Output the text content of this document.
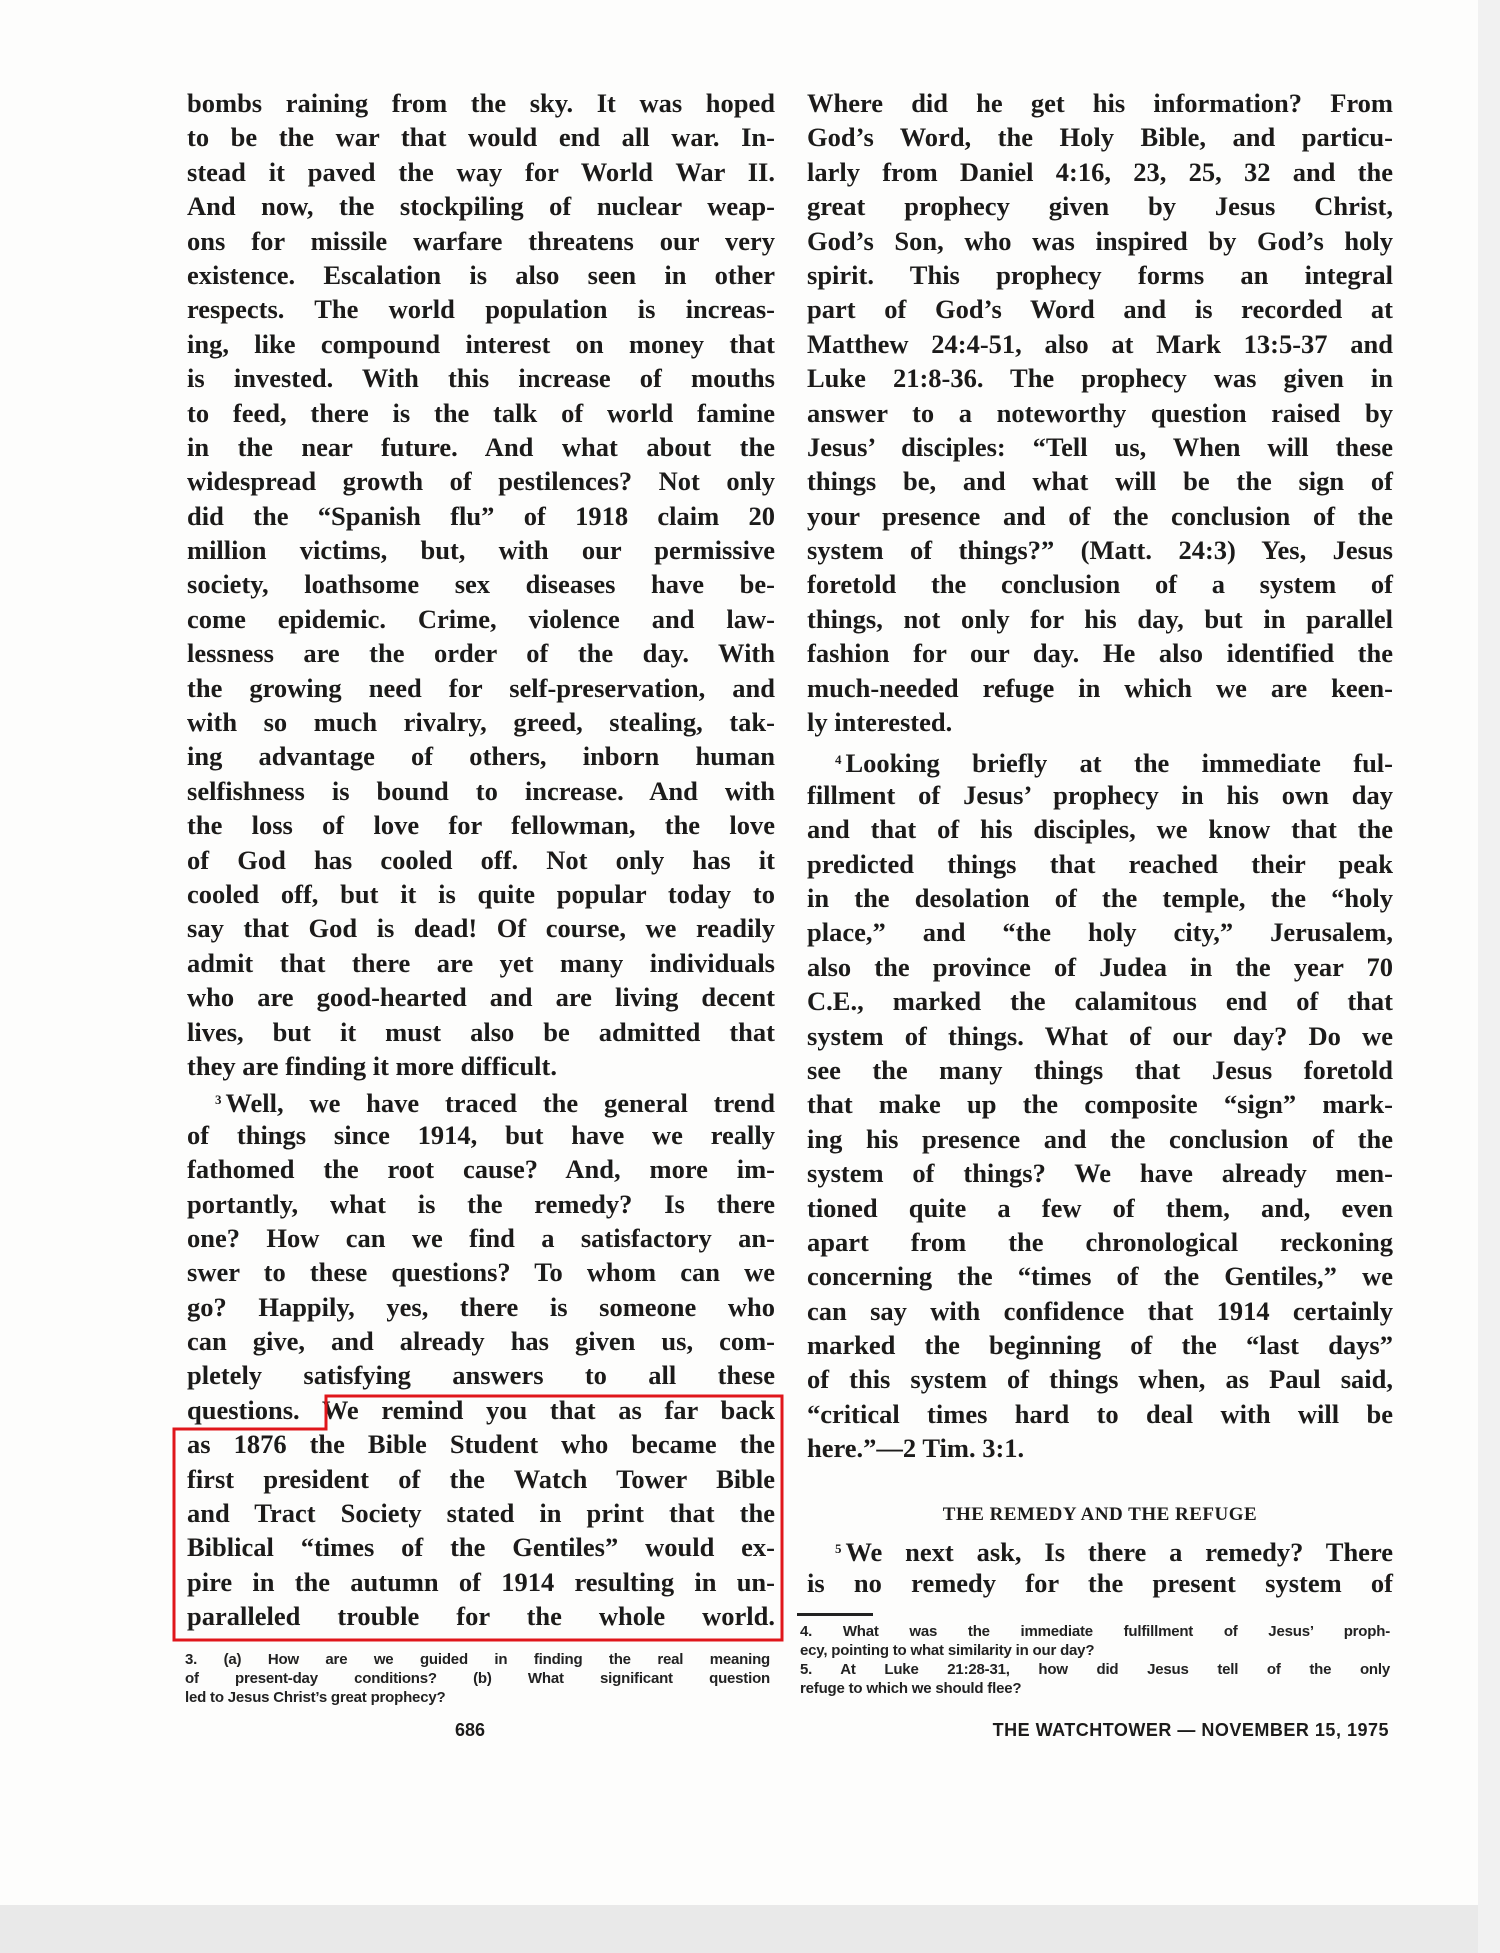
bombs raining from the sky. It was hoped
to be the war that would end all war. In-
stead it paved the way for World War II.
And now, the stockpiling of nuclear weap-
ons for missile warfare threatens our very
existence. Escalation is also seen in other
respects. The world population is increas-
ing, like compound interest on money that
is invested. With this increase of mouths
to feed, there is the talk of world famine
in the near future. And what about the
widespread growth of pestilences? Not only
did the “Spanish flu” of 1918 claim 20
million victims, but, with our permissive
society, loathsome sex diseases have be-
come epidemic. Crime, violence and law-
lessness are the order of the day. With
the growing need for self-preservation, and
with so much rivalry, greed, stealing, tak-
ing advantage of others, inborn human
selfishness is bound to increase. And with
the loss of love for fellowman, the love
of God has cooled off. Not only has it
cooled off, but it is quite popular today to
say that God is dead! Of course, we readily
admit that there are yet many individuals
who are good-hearted and are living decent
lives, but it must also be admitted that
they are finding it more difficult.
$^3$ Well, we have traced the general trend
of things since 1914, but have we really
fathomed the root cause? And, more im-
portantly, what is the remedy? Is there
one? How can we find a satisfactory an-
swer to these questions? To whom can we
go? Happily, yes, there is someone who
can give, and already has given us, com-
pletely satisfying answers to all these
questions. We remind you that as far back
as 1876 the Bible Student who became the
first president of the Watch Tower Bible
and Tract Society stated in print that the
Biblical “times of the Gentiles” would ex-
pire in the autumn of 1914 resulting in un-
paralleled trouble for the whole world.
Where did he get his information? From
God’s Word, the Holy Bible, and particu-
larly from Daniel 4:16, 23, 25, 32 and the
great prophecy given by Jesus Christ,
God’s Son, who was inspired by God’s holy
spirit. This prophecy forms an integral
part of God’s Word and is recorded at
Matthew 24:4-51, also at Mark 13:5-37 and
Luke 21:8-36. The prophecy was given in
answer to a noteworthy question raised by
Jesus’ disciples: “Tell us, When will these
things be, and what will be the sign of
your presence and of the conclusion of the
system of things?” (Matt. 24:3) Yes, Jesus
foretold the conclusion of a system of
things, not only for his day, but in parallel
fashion for our day. He also identified the
much-needed refuge in which we are keen-
ly interested.
$^4$ Looking briefly at the immediate ful-
fillment of Jesus’ prophecy in his own day
and that of his disciples, we know that the
predicted things that reached their peak
in the desolation of the temple, the “holy
place,” and “the holy city,” Jerusalem,
also the province of Judea in the year 70
C.E., marked the calamitous end of that
system of things. What of our day? Do we
see the many things that Jesus foretold
that make up the composite “sign” mark-
ing his presence and the conclusion of the
system of things? We have already men-
tioned quite a few of them, and, even
apart from the chronological reckoning
concerning the “times of the Gentiles,” we
can say with confidence that 1914 certainly
marked the beginning of the “last days”
of this system of things when, as Paul said,
“critical times hard to deal with will be
here.”—2 Tim. 3:1.
THE REMEDY AND THE REFUGE
$^5$ We next ask, Is there a remedy? There
is no remedy for the present system of
3. (a) How are we guided in finding the real meaning
of present-day conditions? (b) What significant question
led to Jesus Christ’s great prophecy?
4. What was the immediate fulfillment of Jesus’ proph-
ecy, pointing to what similarity in our day?
5. At Luke 21:28-31, how did Jesus tell of the only
refuge to which we should flee?
686	THE WATCHTOWER — NOVEMBER 15, 1975
